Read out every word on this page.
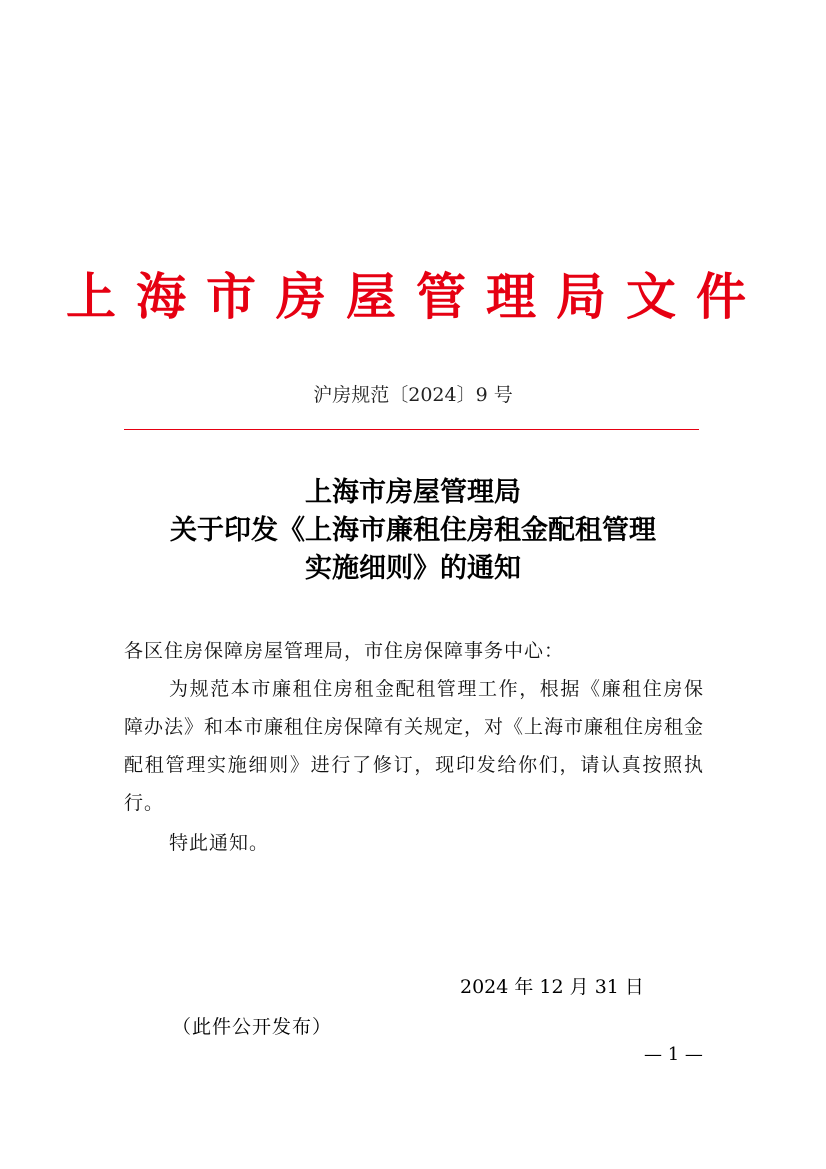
上海市房屋管理局文件
沪房规范〔2024〕9 号
上海市房屋管理局
关于印发《上海市廉租住房租金配租管理
实施细则》的通知
各区住房保障房屋管理局，市住房保障事务中心：
为规范本市廉租住房租金配租管理工作，根据《廉租住房保障办法》和本市廉租住房保障有关规定，对《上海市廉租住房租金配租管理实施细则》进行了修订，现印发给你们，请认真按照执行。
特此通知。
2024 年 12 月 31 日
（此件公开发布）
— 1 —
